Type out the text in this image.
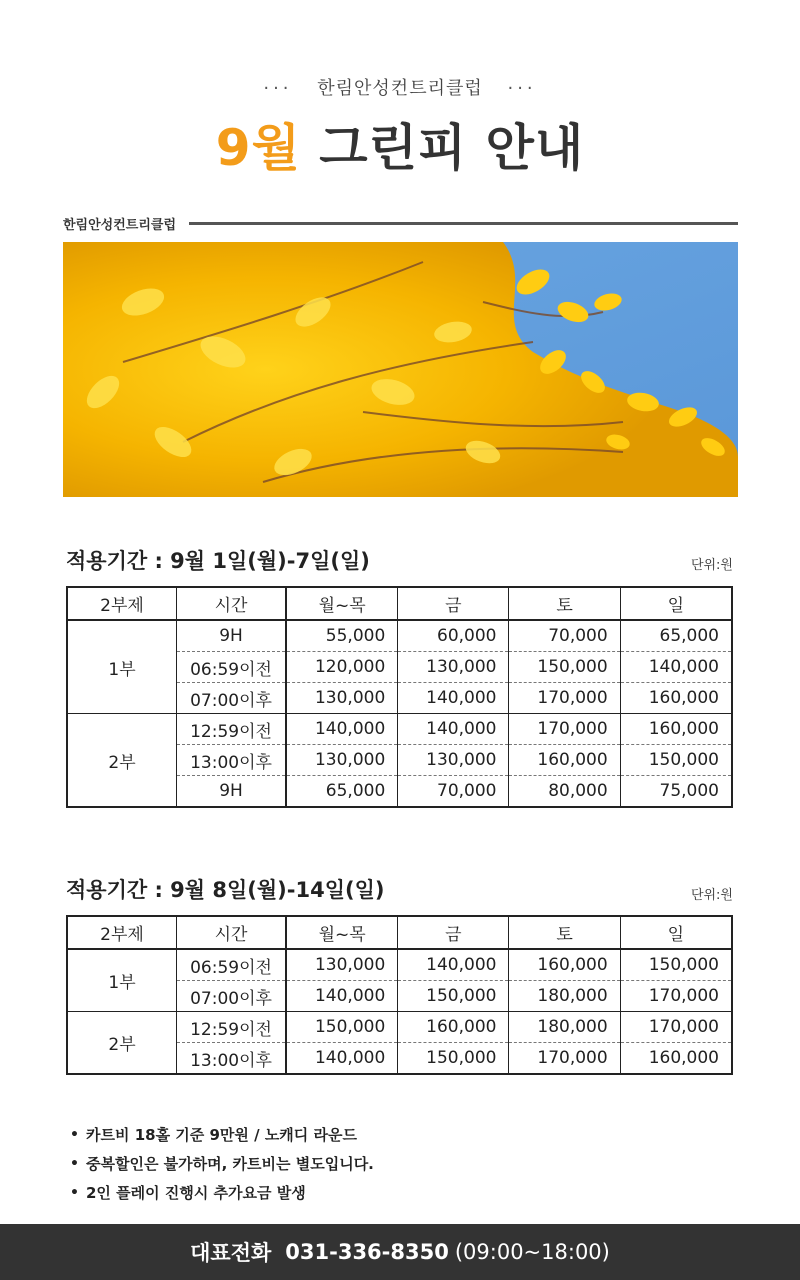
··· 한림안성컨트리클럽 ···
9월 그린피 안내
한림안성컨트리클럽
적용기간 : 9월 1일(월)-7일(일)	단위:원
2부제	시간	월~목	금	토	일
1부	9H	55,000	60,000	70,000	65,000
	06:59이전	120,000	130,000	150,000	140,000
	07:00이후	130,000	140,000	170,000	160,000
2부	12:59이전	140,000	140,000	170,000	160,000
	13:00이후	130,000	130,000	160,000	150,000
	9H	65,000	70,000	80,000	75,000
적용기간 : 9월 8일(월)-14일(일)	단위:원
2부제	시간	월~목	금	토	일
1부	06:59이전	130,000	140,000	160,000	150,000
	07:00이후	140,000	150,000	180,000	170,000
2부	12:59이전	150,000	160,000	180,000	170,000
	13:00이후	140,000	150,000	170,000	160,000
• 카트비 18홀 기준 9만원 / 노캐디 라운드
• 중복할인은 불가하며, 카트비는 별도입니다.
• 2인 플레이 진행시 추가요금 발생
대표전화 031-336-8350 (09:00~18:00)
